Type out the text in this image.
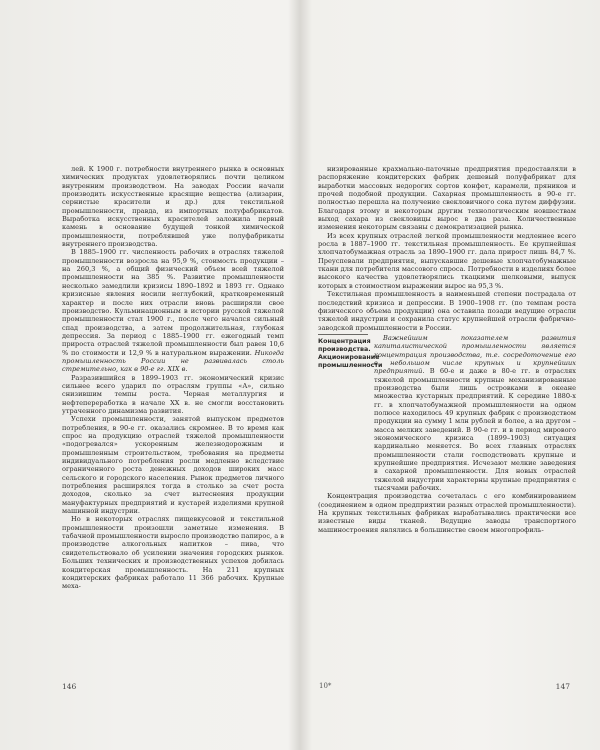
лей. К 1900 г. потребности внутреннего рынка в основных химических продуктах удовлетворялись почти целиком внутренним производством. На заводах России начали производить искусственные красящие вещества (ализарин, сернистые красители и др.) для текстильной промышленности, правда, из импортных полуфабрикатов. Выработка искусственных красителей заложила первый камень в основание будущей тонкой химической промышленности, потреблявшей уже полуфабрикаты внутреннего производства.

В 1885–1900 гг. численность рабочих в отраслях тяжелой промышленности возросла на 95,9 %, стоимость продукции – на 260,3 %, а общий физический объем всей тяжелой промышленности на 385 %. Развитие промышленности несколько замедлили кризисы 1890–1892 и 1893 гг. Однако кризисные явления носили неглубокий, кратковременный характер и после них отрасли вновь расширяли свое производство. Кульминационным в истории русской тяжелой промышленности стал 1900 г., после чего начался сильный спад производства, а затем продолжительная, глубокая депрессия. За период с 1885–1900 гг. ежегодный темп прироста отраслей тяжелой промышленности был равен 10,6 % по стоимости и 12,9 % в натуральном выражении. Никогда промышленность России не развивалась столь стремительно, как в 90-е гг. XIX в.

Разразившийся в 1899–1903 гг. экономический кризис сильнее всего ударил по отраслям группы «А», сильно снизившим темпы роста. Черная металлургия и нефтепереработка в начале XX в. не смогли восстановить утраченного динамизма развития.

Успехи промышленности, занятой выпуском предметов потребления, в 90-е гг. оказались скромнее. В то время как спрос на продукцию отраслей тяжелой промышленности «подогревался» ускоренным железнодорожным и промышленным строительством, требования на предметы индивидуального потребления росли медленно вследствие ограниченного роста денежных доходов широких масс сельского и городского населения. Рынок предметов личного потребления расширялся тогда в столько за счет роста доходов, сколько за счет вытеснения продукции мануфактурных предприятий и кустарей изделиями крупной машинной индустрии.

Но в некоторых отраслях пищевкусовой и текстильной промышленности произошли заметные изменения. В табачной промышленности выросло производство папирос, а в производстве алкогольных напитков – пива, что свидетельствовало об усилении значения городских рынков. Больших технических и производственных успехов добилась кондитерская промышленность. На 211 крупных кондитерских фабриках работало 11 366 рабочих. Крупные меха-

146

низированные крахмально-паточные предприятия предоставляли в распоряжение кондитерских фабрик дешевый полуфабрикат для выработки массовых недорогих сортов конфет, карамели, пряников и прочей подобной продукции. Сахарная промышленность в 90-е гг. полностью перешла на получение свекловичного сока путем диффузии. Благодаря этому и некоторым другим технологическим новшествам выход сахара из свекловицы вырос в два раза. Количественные изменения некоторым связаны с демократизацией рынка.

Из всех крупных отраслей легкой промышленности медленнее всего росла в 1887–1900 гг. текстильная промышленность. Ее крупнейшая хлопчатобумажная отрасль за 1890–1900 гг. дала прирост лишь 84,7 %. Преуспевали предприятия, выпускавшие дешевые хлопчатобумажные ткани для потребителя массового спроса. Потребности в изделиях более высокого качества удовлетворялись ткацкими шелковыми, выпуск которых в стоимостном выражении вырос на 95,3 %.

Текстильная промышленность в наименьшей степени пострадала от последствий кризиса и депрессии. В 1900–1908 гг. (по темпам роста физического объема продукции) она оставила позади ведущие отрасли тяжелой индустрии и сохранила статус крупнейшей отрасли фабрично-заводской промышленности в России.

Концентрация производства. Акционирование промышленности

Важнейшим показателем развития капиталистической промышленности является концентрация производства, т.е. сосредоточение его в небольшом числе крупных и крупнейших предприятий. В 60-е и даже в 80-е гг. в отраслях тяжелой промышленности крупные механизированные производства были лишь островками в океане множества кустарных предприятий. К середине 1880-х гг. в хлопчатобумажной промышленности на одном полюсе находилось 49 крупных фабрик с производством продукции на сумму 1 млн рублей и более, а на другом – масса мелких заведений. В 90-е гг. и в период мирового экономического кризиса (1899–1903) ситуация кардинально меняется. Во всех главных отраслях промышленности стали господствовать крупные и крупнейшие предприятия. Исчезают мелкие заведения в сахарной промышленности. Для новых отраслей тяжелой индустрии характерны крупные предприятия с тысячами рабочих.

Концентрация производства сочеталась с его комбинированием (соединением в одном предприятии разных отраслей промышленности). На крупных текстильных фабриках вырабатывались практически все известные виды тканей. Ведущие заводы транспортного машиностроения являлись в большинстве своем многопрофиль-

10*	147
